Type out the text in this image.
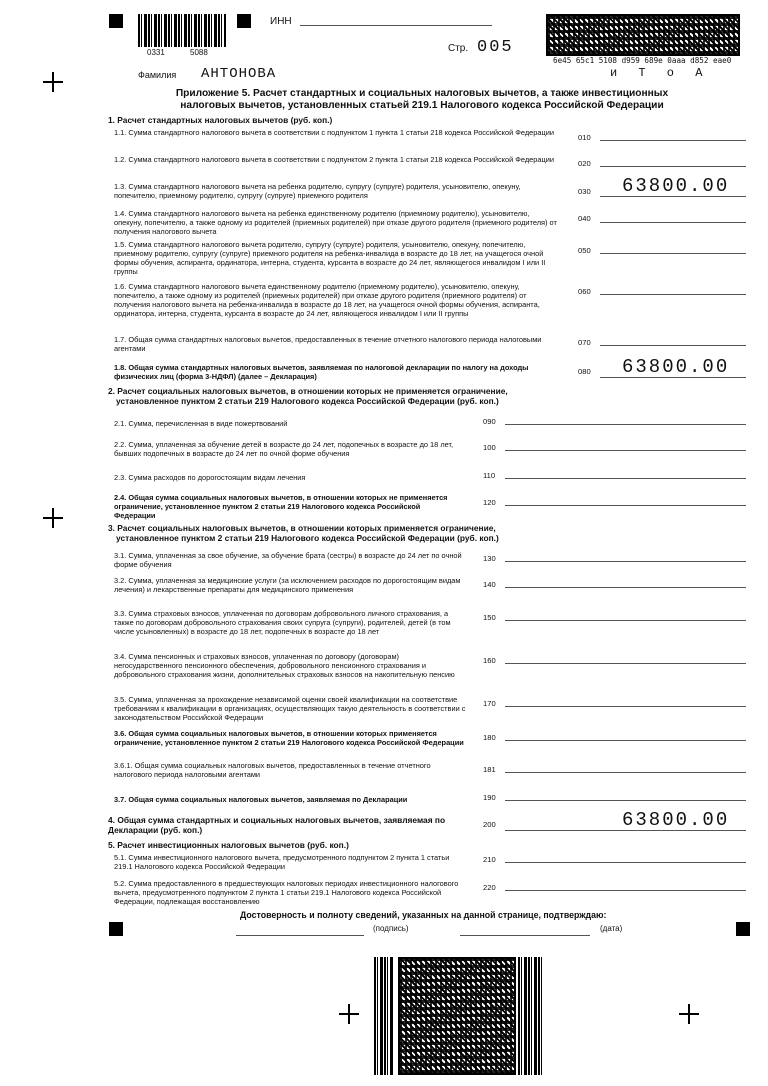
0331	5088
ИНН
Стр. 005
6e45 65c1 5108 d959 689e 0aaa d852 eae0
и Т о А
Фамилия АНТОНОВА
Приложение 5. Расчет стандартных и социальных налоговых вычетов, а также инвестиционных
налоговых вычетов, установленных статьей 219.1 Налогового кодекса Российской Федерации
1. Расчет стандартных налоговых вычетов (руб. коп.)
1.1. Сумма стандартного налогового вычета в соответствии с подпунктом 1 пункта 1 статьи 218 кодекса Российской Федерации
010
1.2. Сумма стандартного налогового вычета в соответствии с подпунктом 2 пункта 1 статьи 218 кодекса Российской Федерации	020
1.3. Сумма стандартного налогового вычета на ребенка родителю, супругу (супруге) родителя, усыновителю, опекуну, попечителю, приемному родителю, супругу (супруге) приемного родителя	030 63800.00
1.4. Сумма стандартного налогового вычета на ребенка единственному родителю (приемному родителю), усыновителю, опекуну, попечителю, а также одному из родителей (приемных родителей) при отказе другого родителя (приемного родителя) от получения налогового вычета
040
1.5. Сумма стандартного налогового вычета родителю, супругу (супруге) родителя, усыновителю, опекуну, попечителю, приемному родителю, супругу (супруге) приемного родителя на ребенка-инвалида в возрасте до 18 лет, на учащегося очной формы обучения, аспиранта, ординатора, интерна, студента, курсанта в возрасте до 24 лет, являющегося инвалидом I или II группы
050
1.6. Сумма стандартного налогового вычета единственному родителю (приемному родителю), усыновителю, опекуну, попечителю, а также одному из родителей (приемных родителей) при отказе другого родителя (приемного родителя) от получения налогового вычета на ребенка-инвалида в возрасте до 18 лет, на учащегося очной формы обучения, аспиранта, ординатора, интерна, студента, курсанта в возрасте до 24 лет, являющегося инвалидом I или II группы
060
1.7. Общая сумма стандартных налоговых вычетов, предоставленных в течение отчетного налогового периода налоговыми агентами
070
1.8. Общая сумма стандартных налоговых вычетов, заявляемая по налоговой декларации по налогу на доходы физических лиц (форма 3-НДФЛ) (далее – Декларация)
080 63800.00
2. Расчет социальных налоговых вычетов, в отношении которых не применяется ограничение,
установленное пунктом 2 статьи 219 Налогового кодекса Российской Федерации (руб. коп.)
2.1. Сумма, перечисленная в виде пожертвований	090
2.2. Сумма, уплаченная за обучение детей в возрасте до 24 лет, подопечных в возрасте до 18 лет, бывших подопечных в возрасте до 24 лет по очной форме обучения
100
2.3. Сумма расходов по дорогостоящим видам лечения	110
2.4. Общая сумма социальных налоговых вычетов, в отношении которых не применяется ограничение, установленное пунктом 2 статьи 219 Налогового кодекса Российской Федерации
120
3. Расчет социальных налоговых вычетов, в отношении которых применяется ограничение,
установленное пунктом 2 статьи 219 Налогового кодекса Российской Федерации (руб. коп.)
3.1. Сумма, уплаченная за свое обучение, за обучение брата (сестры) в возрасте до 24 лет по очной форме обучения
130
3.2. Сумма, уплаченная за медицинские услуги (за исключением расходов по дорогостоящим видам лечения) и лекарственные препараты для медицинского применения
140
3.3. Сумма страховых взносов, уплаченная по договорам добровольного личного страхования, а также по договорам добровольного страхования своих супруга (супруги), родителей, детей (в том числе усыновленных) в возрасте до 18 лет, подопечных в возрасте до 18 лет
150
3.4. Сумма пенсионных и страховых взносов, уплаченная по договору (договорам) негосударственного пенсионного обеспечения, добровольного пенсионного страхования и добровольного страхования жизни, дополнительных страховых взносов на накопительную пенсию
160
3.5. Сумма, уплаченная за прохождение независимой оценки своей квалификации на соответствие требованиям к квалификации в организациях, осуществляющих такую деятельность в соответствии с законодательством Российской Федерации
170
3.6. Общая сумма социальных налоговых вычетов, в отношении которых применяется ограничение, установленное пунктом 2 статьи 219 Налогового кодекса Российской Федерации
180
3.6.1. Общая сумма социальных налоговых вычетов, предоставленных в течение отчетного налогового периода налоговыми агентами
181
3.7. Общая сумма социальных налоговых вычетов, заявляемая по Декларации	190
4. Общая сумма стандартных и социальных налоговых вычетов, заявляемая по Декларации (руб. коп.)
200	63800.00
5. Расчет инвестиционных налоговых вычетов (руб. коп.)
5.1. Сумма инвестиционного налогового вычета, предусмотренного подпунктом 2 пункта 1 статьи 219.1 Налогового кодекса Российской Федерации
210
5.2. Сумма предоставленного в предшествующих налоговых периодах инвестиционного налогового вычета, предусмотренного подпунктом 2 пункта 1 статьи 219.1 Налогового кодекса Российской Федерации, подлежащая восстановлению
220
Достоверность и полноту сведений, указанных на данной странице, подтверждаю:
(подпись)	(дата)
